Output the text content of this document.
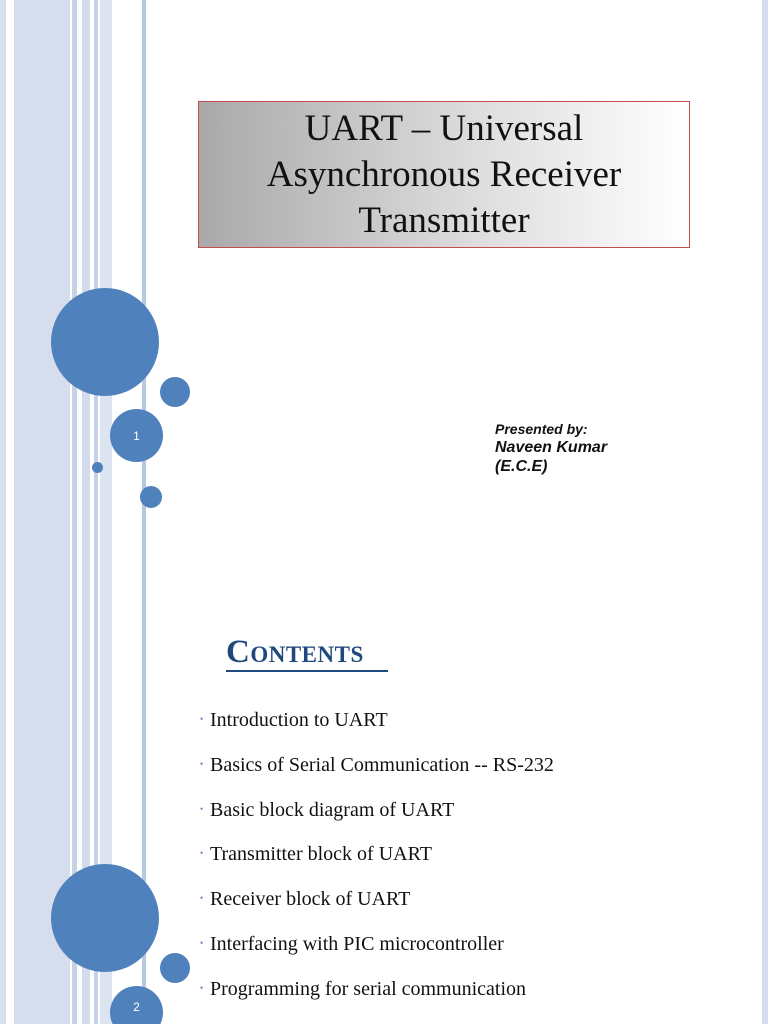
1
UART – Universal Asynchronous Receiver Transmitter
Presented by:
Naveen Kumar
(E.C.E)
Contents
• Introduction to UART
• Basics of Serial Communication -- RS-232
• Basic block diagram of UART
• Transmitter block of UART
• Receiver block of UART
• Interfacing with PIC microcontroller
• Programming for serial communication
2
